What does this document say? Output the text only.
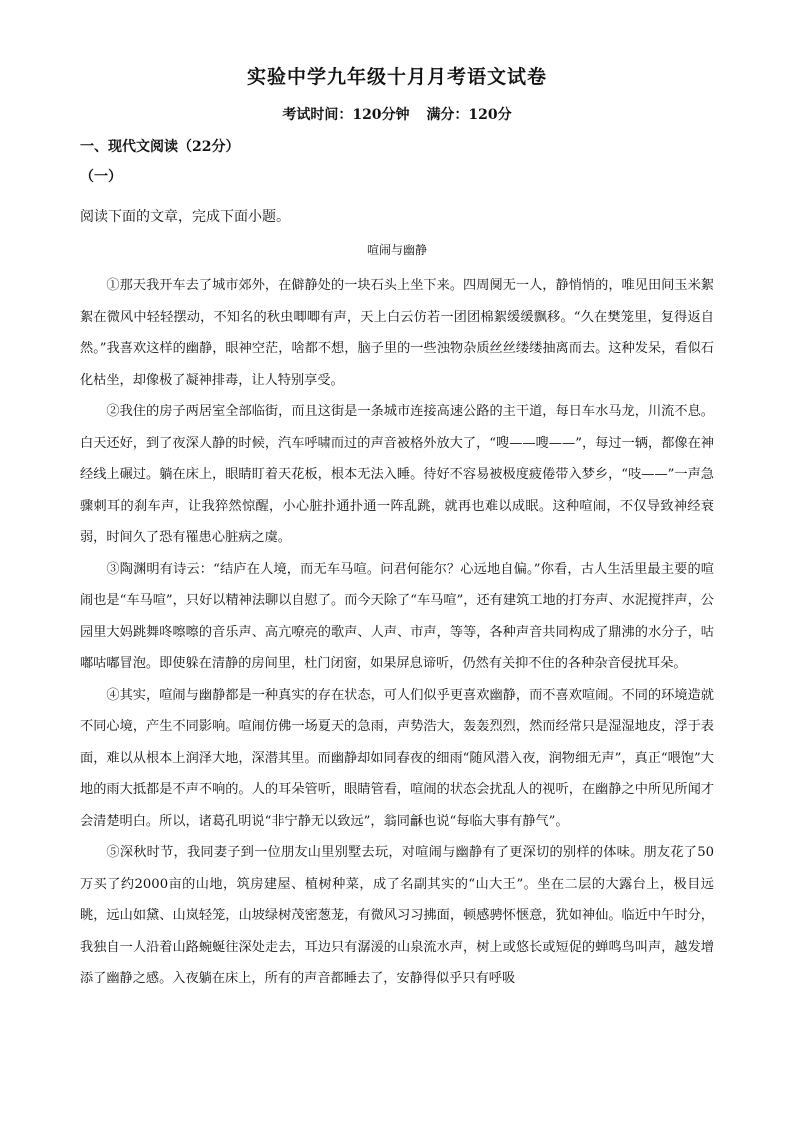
实验中学九年级十月月考语文试卷
考试时间：120分钟 满分：120分
一、现代文阅读（22分）
（一）
阅读下面的文章，完成下面小题。
喧闹与幽静

①那天我开车去了城市郊外，在僻静处的一块石头上坐下来。四周阒无一人，静悄悄的，唯见田间玉米絮絮在微风中轻轻摆动，不知名的秋虫唧唧有声，天上白云仿若一团团棉絮缓缓飘移。“久在樊笼里，复得返自然。”我喜欢这样的幽静，眼神空茫，啥都不想，脑子里的一些浊物杂质丝丝缕缕抽离而去。这种发呆，看似石化枯坐，却像极了凝神排毒，让人特别享受。

②我住的房子两居室全部临街，而且这街是一条城市连接高速公路的主干道，每日车水马龙，川流不息。白天还好，到了夜深人静的时候，汽车呼啸而过的声音被格外放大了，“嗖——嗖——”，每过一辆，都像在神经线上碾过。躺在床上，眼睛盯着天花板，根本无法入睡。待好不容易被极度疲倦带入梦乡，“吱——”一声急骤刺耳的刹车声，让我猝然惊醒，小心脏扑通扑通一阵乱跳，就再也难以成眠。这种喧闹，不仅导致神经衰弱，时间久了恐有罹患心脏病之虞。

③陶渊明有诗云：“结庐在人境，而无车马喧。问君何能尔？心远地自偏。”你看，古人生活里最主要的喧闹也是“车马喧”，只好以精神法聊以自慰了。而今天除了“车马喧”，还有建筑工地的打夯声、水泥搅拌声，公园里大妈跳舞咚嚓嚓的音乐声、高亢嘹亮的歌声、人声、市声，等等，各种声音共同构成了鼎沸的水分子，咕嘟咕嘟冒泡。即使躲在清静的房间里，杜门闭窗，如果屏息谛听，仍然有关抑不住的各种杂音侵扰耳朵。

④其实，喧闹与幽静都是一种真实的存在状态，可人们似乎更喜欢幽静，而不喜欢喧闹。不同的环境造就不同心境，产生不同影响。喧闹仿佛一场夏天的急雨，声势浩大，轰轰烈烈，然而经常只是湿湿地皮，浮于表面，难以从根本上润泽大地，深潜其里。而幽静却如同春夜的细雨“随风潜入夜，润物细无声”，真正“喂饱”大地的雨大抵都是不声不响的。人的耳朵管听，眼睛管看，喧闹的状态会扰乱人的视听，在幽静之中所见所闻才会清楚明白。所以，诸葛孔明说“非宁静无以致远”，翁同龢也说“每临大事有静气”。

⑤深秋时节，我同妻子到一位朋友山里别墅去玩，对喧闹与幽静有了更深切的别样的体味。朋友花了50万买了约2000亩的山地，筑房建屋、植树种菜，成了名副其实的“山大王”。坐在二层的大露台上，极目远眺，远山如黛、山岚轻笼，山坡绿树茂密葱茏，有微风习习拂面，顿感骋怀惬意，犹如神仙。临近中午时分，我独自一人沿着山路蜿蜒往深处走去，耳边只有潺湲的山泉流水声，树上或悠长或短促的蝉鸣鸟叫声，越发增添了幽静之感。入夜躺在床上，所有的声音都睡去了，安静得似乎只有呼吸
